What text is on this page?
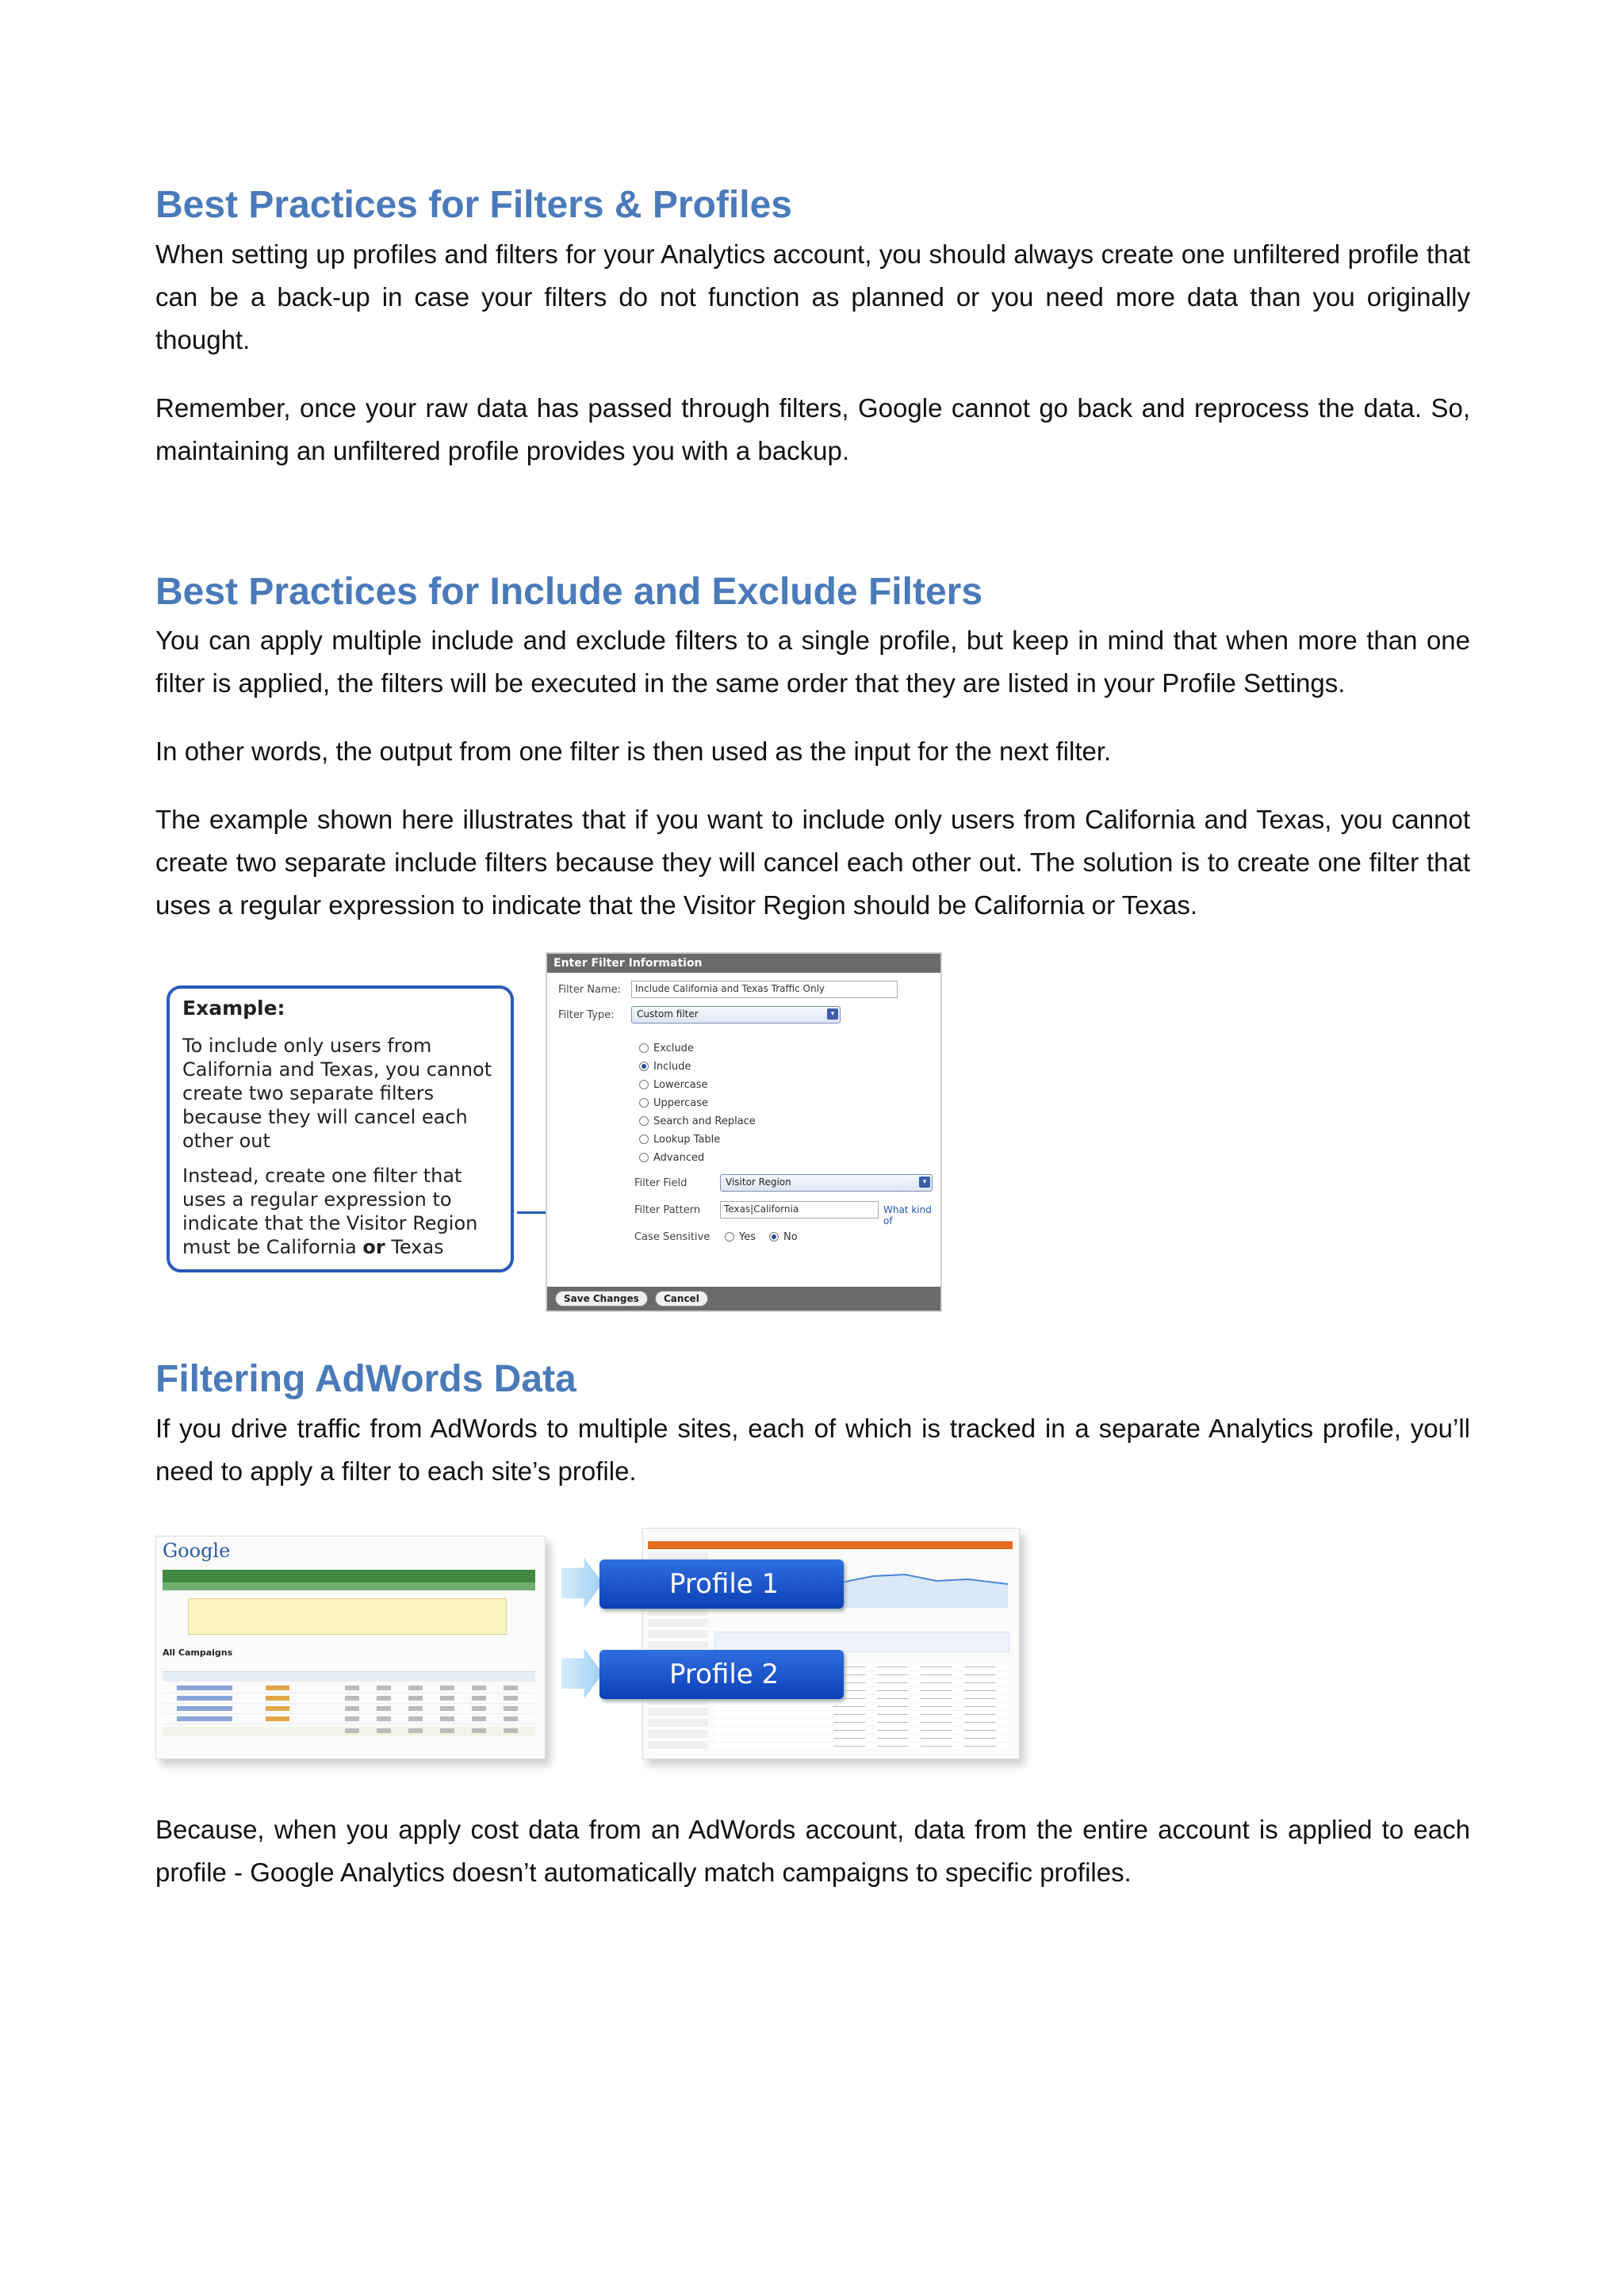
Best Practices for Filters & Profiles

When setting up profiles and filters for your Analytics account, you should always create one unfiltered profile that can be a back-up in case your filters do not function as planned or you need more data than you originally thought.

Remember, once your raw data has passed through filters, Google cannot go back and reprocess the data. So, maintaining an unfiltered profile provides you with a backup.

Best Practices for Include and Exclude Filters

You can apply multiple include and exclude filters to a single profile, but keep in mind that when more than one filter is applied, the filters will be executed in the same order that they are listed in your Profile Settings.

In other words, the output from one filter is then used as the input for the next filter.

The example shown here illustrates that if you want to include only users from California and Texas, you cannot create two separate include filters because they will cancel each other out. The solution is to create one filter that uses a regular expression to indicate that the Visitor Region should be California or Texas.

Example:
To include only users from California and Texas, you cannot create two separate filters because they will cancel each other out
Instead, create one filter that uses a regular expression to indicate that the Visitor Region must be California or Texas
Enter Filter Information
Filter Name:	Include California and Texas Traffic Only
Filter Type:	Custom filter	▾
Exclude
Include
Lowercase
Uppercase
Search and Replace
Lookup Table
Advanced
Filter Field	Visitor Region	▾
Filter Pattern	Texas|California	What kind of
Case Sensitive	Yes	No
Save Changes	Cancel
Filtering AdWords Data

If you drive traffic from AdWords to multiple sites, each of which is tracked in a separate Analytics profile, you’ll need to apply a filter to each site’s profile.

Google
All Campaigns
Profile 1
Profile 2

Because, when you apply cost data from an AdWords account, data from the entire account is applied to each profile - Google Analytics doesn’t automatically match campaigns to specific profiles.
